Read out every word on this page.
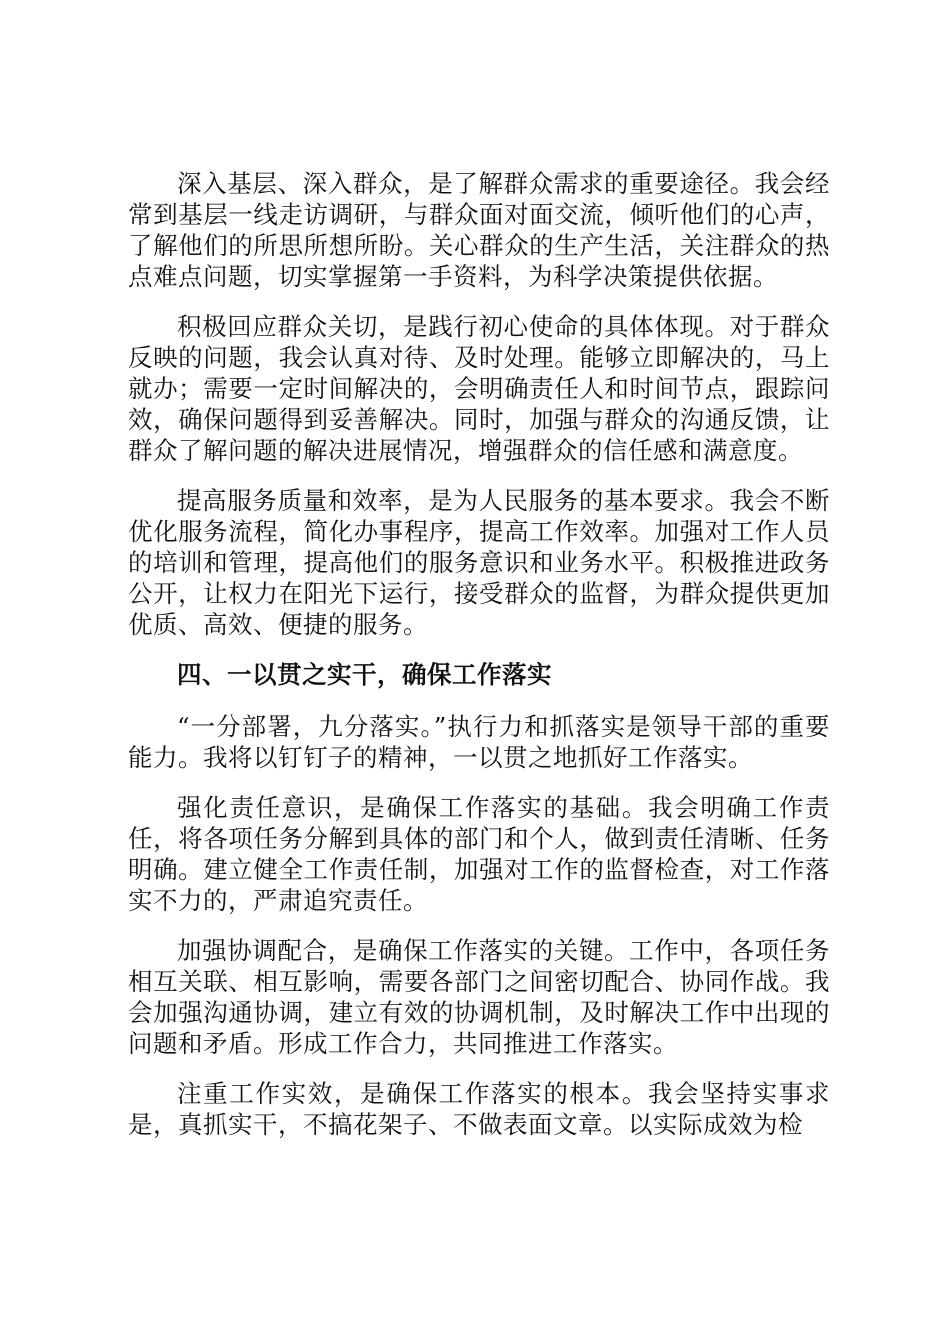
深入基层、深入群众，是了解群众需求的重要途径。我会经常到基层一线走访调研，与群众面对面交流，倾听他们的心声，了解他们的所思所想所盼。关心群众的生产生活，关注群众的热点难点问题，切实掌握第一手资料，为科学决策提供依据。

积极回应群众关切，是践行初心使命的具体体现。对于群众反映的问题，我会认真对待、及时处理。能够立即解决的，马上就办；需要一定时间解决的，会明确责任人和时间节点，跟踪问效，确保问题得到妥善解决。同时，加强与群众的沟通反馈，让群众了解问题的解决进展情况，增强群众的信任感和满意度。

提高服务质量和效率，是为人民服务的基本要求。我会不断优化服务流程，简化办事程序，提高工作效率。加强对工作人员的培训和管理，提高他们的服务意识和业务水平。积极推进政务公开，让权力在阳光下运行，接受群众的监督，为群众提供更加优质、高效、便捷的服务。

四、一以贯之实干，确保工作落实

“一分部署，九分落实。”执行力和抓落实是领导干部的重要能力。我将以钉钉子的精神，一以贯之地抓好工作落实。

强化责任意识，是确保工作落实的基础。我会明确工作责任，将各项任务分解到具体的部门和个人，做到责任清晰、任务明确。建立健全工作责任制，加强对工作的监督检查，对工作落实不力的，严肃追究责任。

加强协调配合，是确保工作落实的关键。工作中，各项任务相互关联、相互影响，需要各部门之间密切配合、协同作战。我会加强沟通协调，建立有效的协调机制，及时解决工作中出现的问题和矛盾。形成工作合力，共同推进工作落实。

注重工作实效，是确保工作落实的根本。我会坚持实事求是，真抓实干，不搞花架子、不做表面文章。以实际成效为检
